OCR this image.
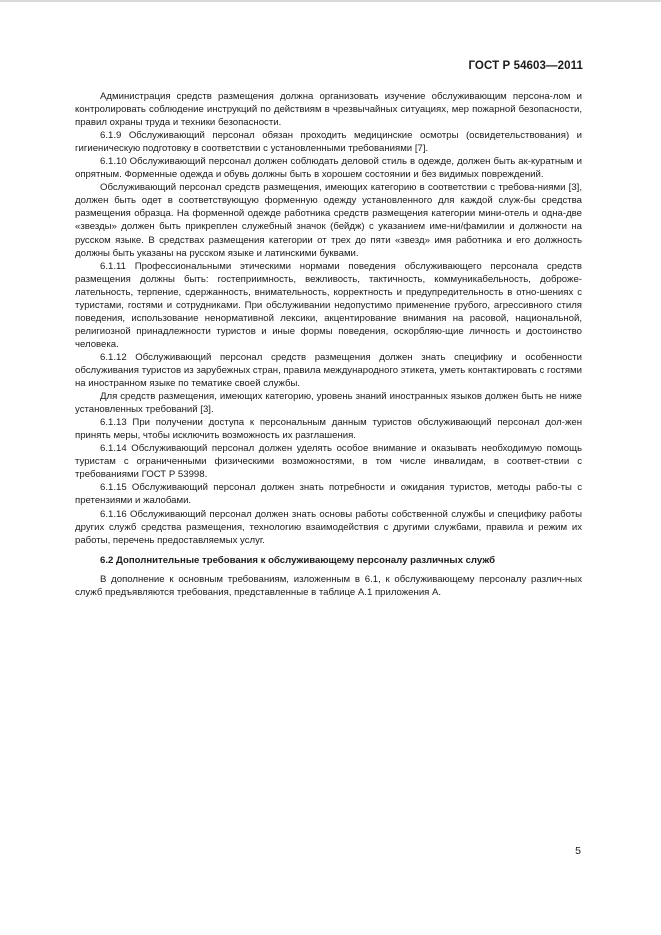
ГОСТ Р 54603—2011

Администрация средств размещения должна организовать изучение обслуживающим персона-лом и контролировать соблюдение инструкций по действиям в чрезвычайных ситуациях, мер пожарной безопасности, правил охраны труда и техники безопасности.

6.1.9 Обслуживающий персонал обязан проходить медицинские осмотры (освидетельствования) и гигиеническую подготовку в соответствии с установленными требованиями [7].

6.1.10 Обслуживающий персонал должен соблюдать деловой стиль в одежде, должен быть ак-куратным и опрятным. Форменные одежда и обувь должны быть в хорошем состоянии и без видимых повреждений.

Обслуживающий персонал средств размещения, имеющих категорию в соответствии с требова-ниями [3], должен быть одет в соответствующую форменную одежду установленного для каждой служ-бы средства размещения образца. На форменной одежде работника средств размещения категории мини-отель и одна-две «звезды» должен быть прикреплен служебный значок (бейдж) с указанием име-ни/фамилии и должности на русском языке. В средствах размещения категории от трех до пяти «звезд» имя работника и его должность должны быть указаны на русском языке и латинскими буквами.

6.1.11 Профессиональными этическими нормами поведения обслуживающего персонала средств размещения должны быть: гостеприимность, вежливость, тактичность, коммуникабельность, доброже-лательность, терпение, сдержанность, внимательность, корректность и предупредительность в отно-шениях с туристами, гостями и сотрудниками. При обслуживании недопустимо применение грубого, агрессивного стиля поведения, использование ненормативной лексики, акцентирование внимания на расовой, национальной, религиозной принадлежности туристов и иные формы поведения, оскорбляю-щие личность и достоинство человека.

6.1.12 Обслуживающий персонал средств размещения должен знать специфику и особенности обслуживания туристов из зарубежных стран, правила международного этикета, уметь контактировать с гостями на иностранном языке по тематике своей службы.

Для средств размещения, имеющих категорию, уровень знаний иностранных языков должен быть не ниже установленных требований [3].

6.1.13 При получении доступа к персональным данным туристов обслуживающий персонал дол-жен принять меры, чтобы исключить возможность их разглашения.

6.1.14 Обслуживающий персонал должен уделять особое внимание и оказывать необходимую помощь туристам с ограниченными физическими возможностями, в том числе инвалидам, в соответ-ствии с требованиями ГОСТ Р 53998.

6.1.15 Обслуживающий персонал должен знать потребности и ожидания туристов, методы рабо-ты с претензиями и жалобами.

6.1.16 Обслуживающий персонал должен знать основы работы собственной службы и специфику работы других служб средства размещения, технологию взаимодействия с другими службами, правила и режим их работы, перечень предоставляемых услуг.

6.2 Дополнительные требования к обслуживающему персоналу различных служб

В дополнение к основным требованиям, изложенным в 6.1, к обслуживающему персоналу различ-ных служб предъявляются требования, представленные в таблице А.1 приложения А.

5
